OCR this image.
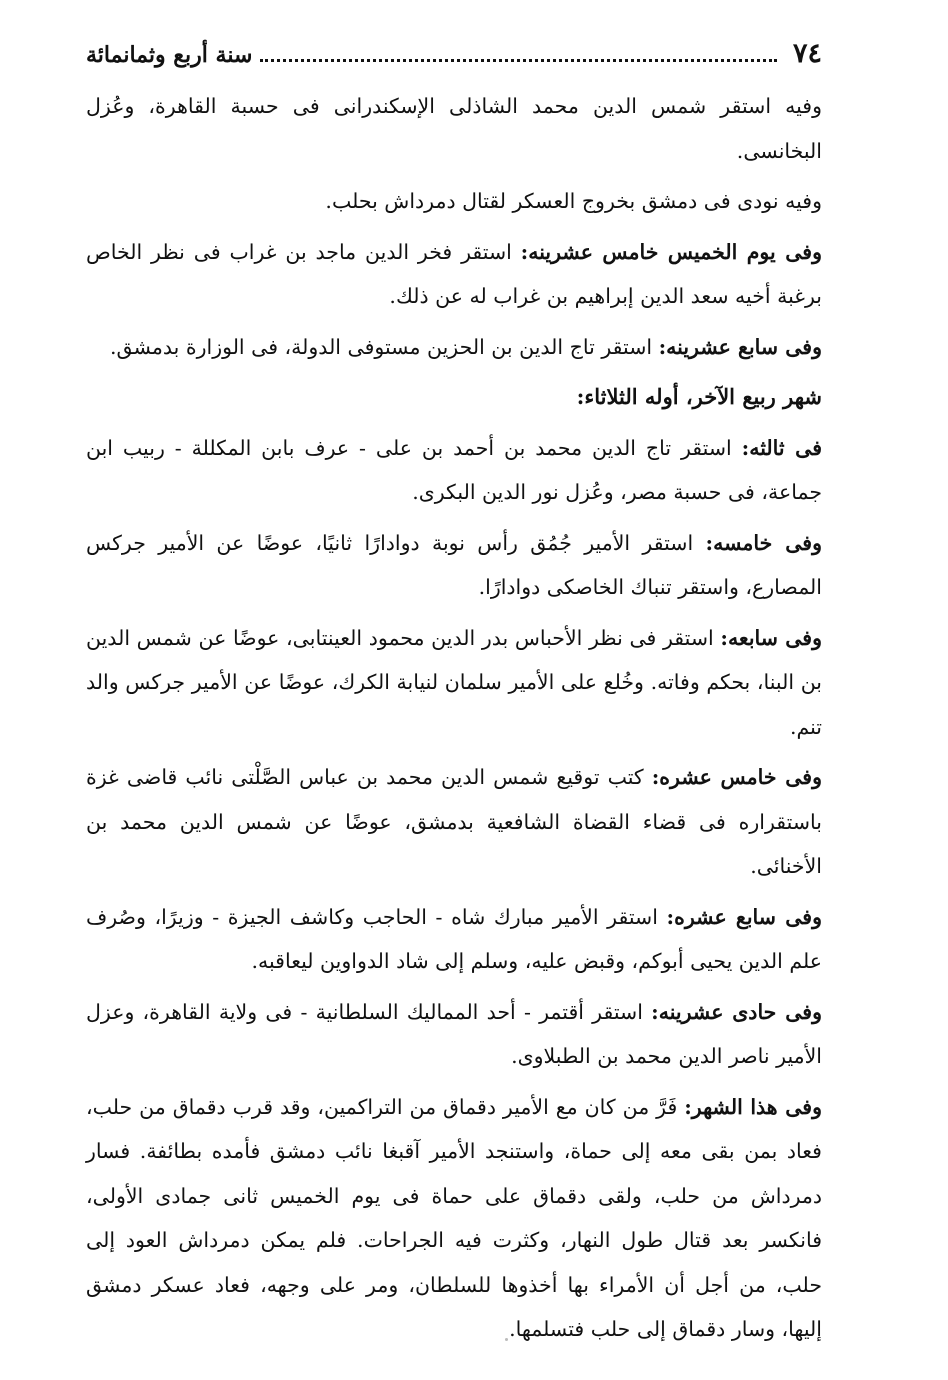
٧٤
سنة أربع وثمانمائة

وفيه استقر شمس الدين محمد الشاذلى الإسكندرانى فى حسبة القاهرة، وعُزل البخانسى.

وفيه نودى فى دمشق بخروج العسكر لقتال دمرداش بحلب.

وفى يوم الخميس خامس عشرينه: استقر فخر الدين ماجد بن غراب فى نظر الخاص برغبة أخيه سعد الدين إبراهيم بن غراب له عن ذلك.

وفى سابع عشرينه: استقر تاج الدين بن الحزين مستوفى الدولة، فى الوزارة بدمشق.

شهر ربيع الآخر، أوله الثلاثاء:

فى ثالثه: استقر تاج الدين محمد بن أحمد بن على - عرف بابن المكللة - ربيب ابن جماعة، فى حسبة مصر، وعُزل نور الدين البكرى.

وفى خامسه: استقر الأمير جُمُق رأس نوبة دوادارًا ثانيًا، عوضًا عن الأمير جركس المصارع، واستقر تنباك الخاصكى دوادارًا.

وفى سابعه: استقر فى نظر الأحباس بدر الدين محمود العينتابى، عوضًا عن شمس الدين بن البنا، بحكم وفاته. وخُلع على الأمير سلمان لنيابة الكرك، عوضًا عن الأمير جركس والد تنم.

وفى خامس عشره: كتب توقيع شمس الدين محمد بن عباس الصَّلْتى نائب قاضى غزة باستقراره فى قضاء القضاة الشافعية بدمشق، عوضًا عن شمس الدين محمد بن الأخنائى.

وفى سابع عشره: استقر الأمير مبارك شاه - الحاجب وكاشف الجيزة - وزيرًا، وصُرف علم الدين يحيى أبوكم، وقبض عليه، وسلم إلى شاد الدواوين ليعاقبه.

وفى حادى عشرينه: استقر أقتمر - أحد المماليك السلطانية - فى ولاية القاهرة، وعزل الأمير ناصر الدين محمد بن الطبلاوى.

وفى هذا الشهر: فَرَّ من كان مع الأمير دقماق من التراكمين، وقد قرب دقماق من حلب، فعاد بمن بقى معه إلى حماة، واستنجد الأمير آقبغا نائب دمشق فأمده بطائفة. فسار دمرداش من حلب، ولقى دقماق على حماة فى يوم الخميس ثانى جمادى الأولى، فانكسر بعد قتال طول النهار، وكثرت فيه الجراحات. فلم يمكن دمرداش العود إلى حلب، من أجل أن الأمراء بها أخذوها للسلطان، ومر على وجهه، فعاد عسكر دمشق إليها، وسار دقماق إلى حلب فتسلمها.
